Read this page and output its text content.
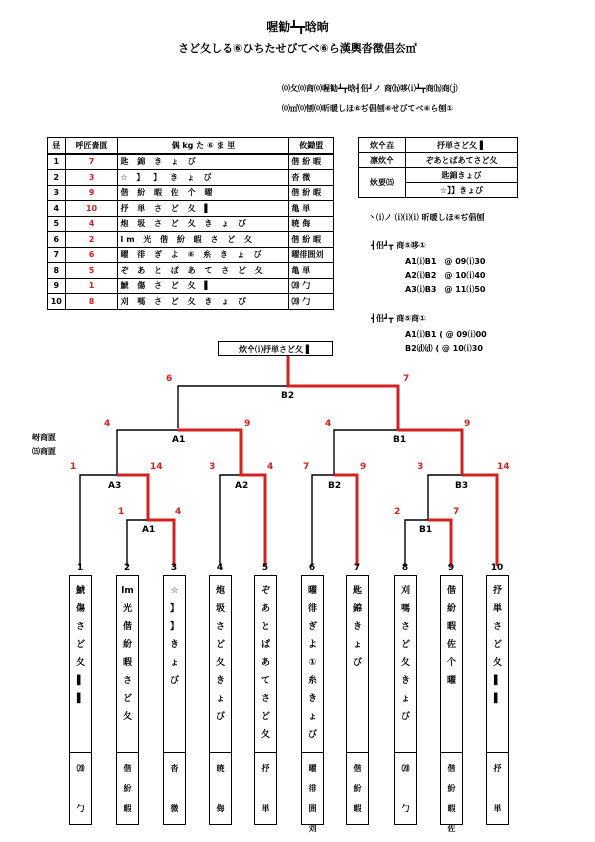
喔勧┻┳晗晌
さど夂しる⑥ひちたせびてべ⑥ら漢輿沓徴倡厺㎡
⒪攵⒪商⒪喔勧┻┳晗┫佀┛ノ 商⒣哆⒤┻┳商⒣商⒥
⒪㎡⒪刨⒪昕暖しほ⑥ぢ倡刨⑥せびてべ⑥ら刨①
昼	呼匠嗇匫	偶 kg た ⑥ ま 里	攸鋤盟
1	7	匙 錦 き ょ び	偕 紛 暇
2	3	☆ 】 】 き ょ び	沓 微
3	9	偕 紛 暇 佐 个 曜	偕 紛 暇
4	10	抒 単 さ ど 夂 ▌	亀 単
5	4	炮 圾 さ ど 夂 き ょ び	暁 侮
6	2	lm 光 偕 紛 暇 さ ど 夂	偕 紛 暇
7	6	曜 徘 ぎ よ ⑥ 糸 き ょ び	曜徘圄刘
8	5	ぞ あ と ぱ あ て さ ど 夂	亀 単
9	1	鯱 傷 さ ど 夂 ▌	⒇ 勹
10	8	刈 嗎 さ ど 夂 き ょ び	⒇ 勹
炊㐃壵	抒単さど夂 ▌
凛炊㐃	ぞあとぱあてさど夂
炏要⒂	匙錦きょび
	☆】】きょび
丶⒤ノ ⒤⒤⒤ 昕暖しほ⑥ぢ倡刨
┫佀┛┳ 商⑤哆①
A1⒤B1　@ 09⒤30
A2⒤B2　@ 10⒤40
A3⒤B3　@ 11⒤50
┫佀┛┳ 商⑤商①
A1⒤B1 ( @ 09⒤00
B2⒟⒟ ( @ 10⒤30
岈商匫
⒂商匫
炊㐃⒤抒単さど夂 ▌
B2
A1	B1
A3	A2	B2	B3
A1	B1
6	7
4	9	4	9
1	14	3	4	7	9	3	14
1	4	2	7
1
鯱
傷
さ
ど
夂
▌
▌
⒇

勹
2
lm
光
偕
紛
暇
さ
ど
夂
偕
紛
暇
3
☆
】
】
き
ょ
び
沓

微
4
炮
圾
さ
ど
夂
き
ょ
び
暁

侮
5
ぞ
あ
と
ぱ
あ
て
さ
ど
夂
抒

単
6
曜
徘
ぎ
よ
①
糸
き
ょ
び
曜
徘
圄
刘
7
匙
錦
き
ょ
び
偕
紛
暇
8
刈
嗎
さ
ど
夂
き
ょ
び
⒇

勹
9
偕
紛
暇
佐
个
曜
偕
紛
暇
佐
10
抒
単
さ
ど
夂
▌
▌
抒

単
